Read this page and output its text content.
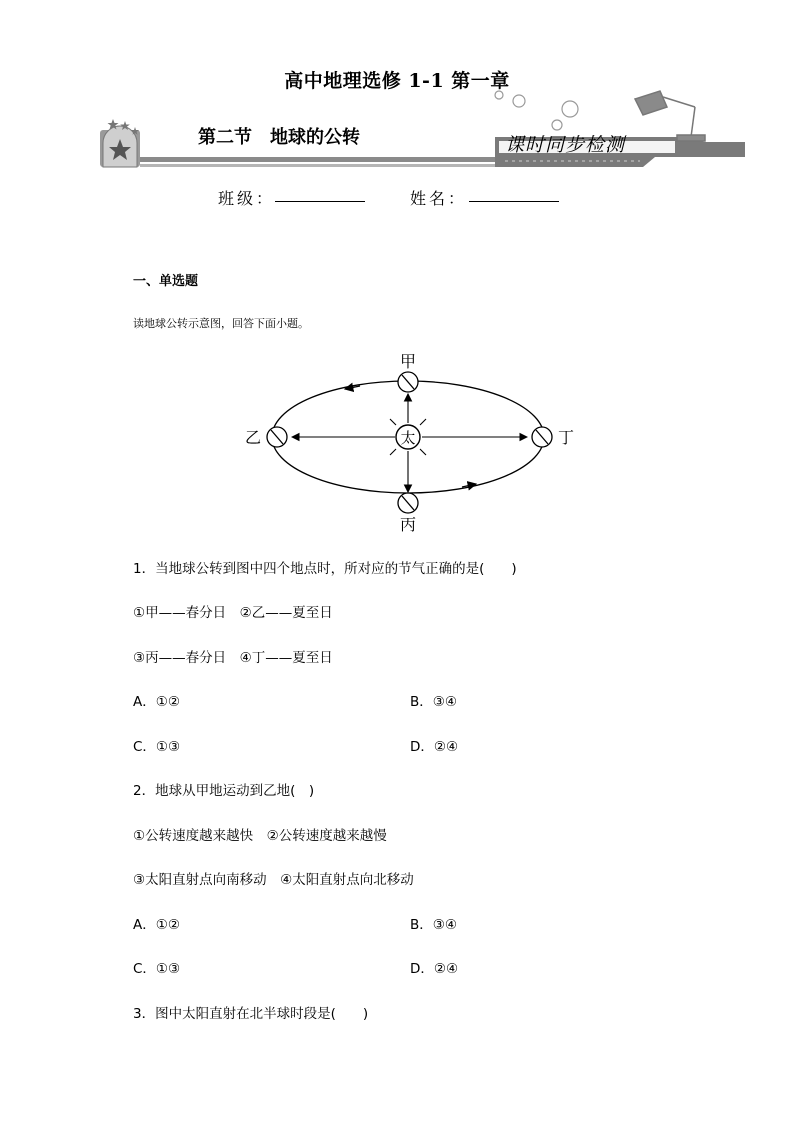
高中地理选修 1-1 第一章
第二节　地球的公转	课时同步检测
班级：	姓名：
一、单选题
读地球公转示意图，回答下面小题。
太
甲
乙
丙
丁
1．当地球公转到图中四个地点时，所对应的节气正确的是(　　)
①甲——春分日　②乙——夏至日
③丙——春分日　④丁——夏至日
A．①②	B．③④
C．①③	D．②④
2．地球从甲地运动到乙地(　)
①公转速度越来越快　②公转速度越来越慢
③太阳直射点向南移动　④太阳直射点向北移动
A．①②	B．③④
C．①③	D．②④
3．图中太阳直射在北半球时段是(　　)
